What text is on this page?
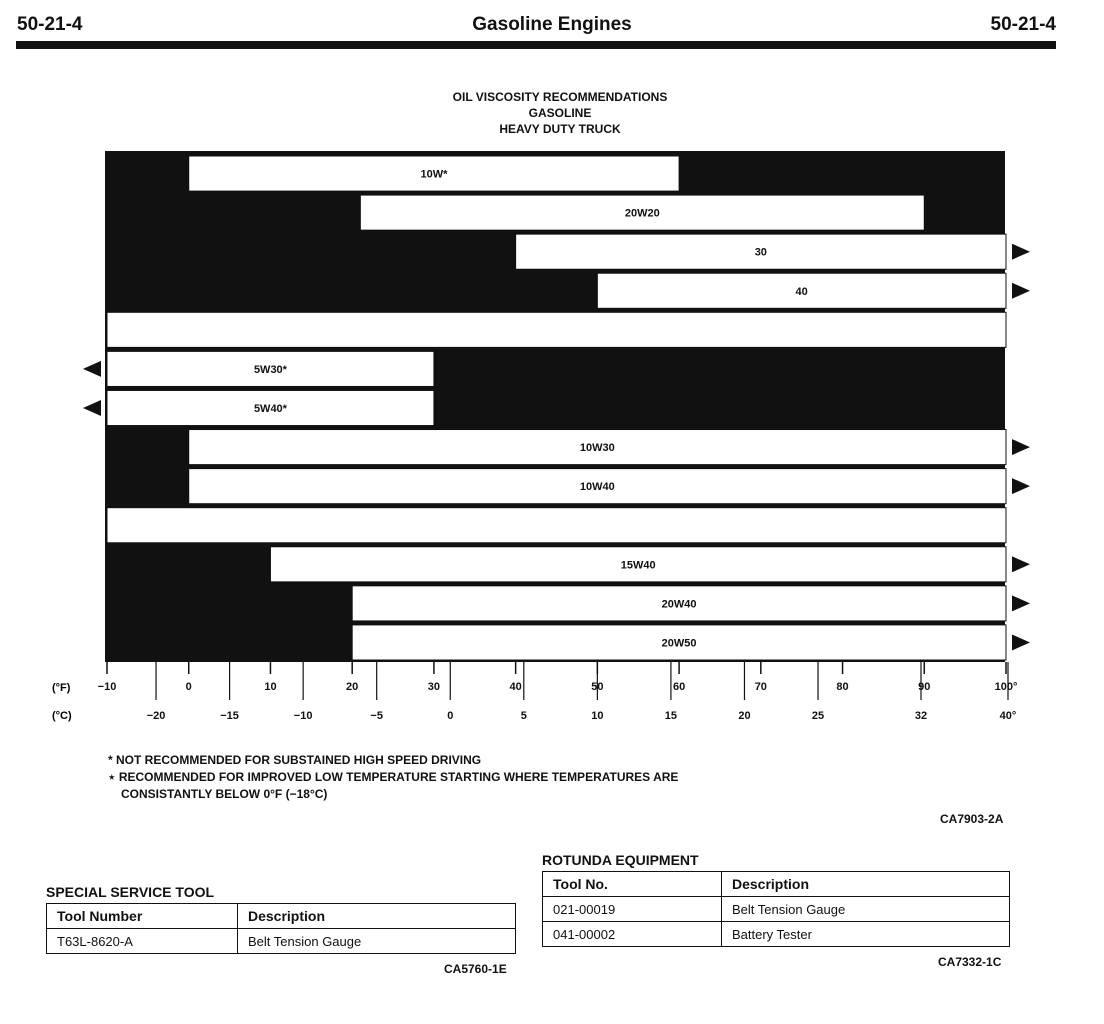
50-21-4	Gasoline Engines	50-21-4
OIL VISCOSITY RECOMMENDATIONS
GASOLINE
HEAVY DUTY TRUCK
10W*
20W20
30
40
5W30*
5W40*
10W30
10W40
15W40
20W40
20W50
−10	0	10	20	30	40	50	60	70	80	90	100°
−20	−15	−10	−5	0	5	10	15	20	25	32	40°
(°F)
(°C)
* NOT RECOMMENDED FOR SUBSTAINED HIGH SPEED DRIVING
⋆ RECOMMENDED FOR IMPROVED LOW TEMPERATURE STARTING WHERE TEMPERATURES ARE
CONSISTANTLY BELOW 0°F (−18°C)
CA7903-2A
ROTUNDA EQUIPMENT
Tool No.	Description
021-00019	Belt Tension Gauge
041-00002	Battery Tester
CA7332-1C
SPECIAL SERVICE TOOL
Tool Number	Description
T63L-8620-A	Belt Tension Gauge
CA5760-1E
